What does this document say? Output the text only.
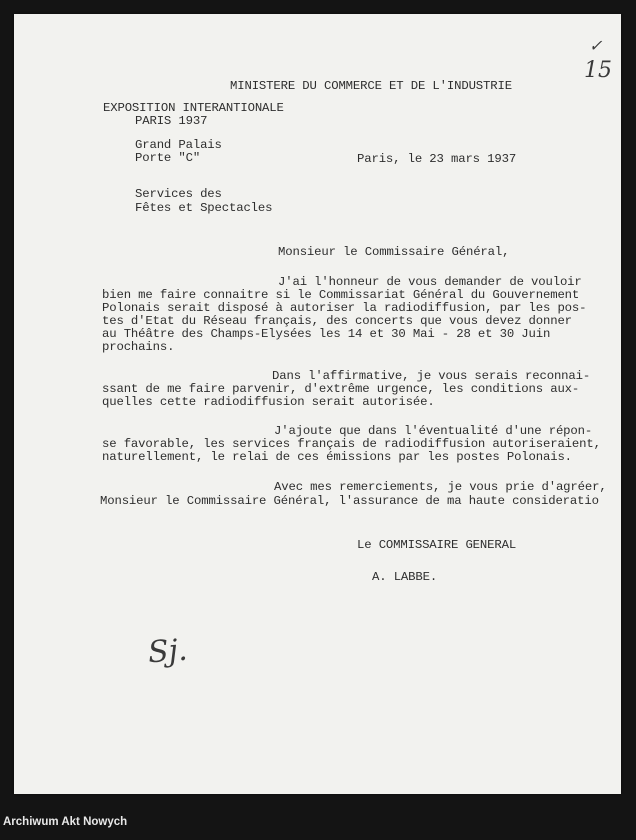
✓
15
MINISTERE DU COMMERCE ET DE L'INDUSTRIE
EXPOSITION INTERANTIONALE
PARIS 1937
Grand Palais
Porte "C"	Paris, le 23 mars 1937
Services des
Fêtes et Spectacles
Monsieur le Commissaire Général,
J'ai l'honneur de vous demander de vouloir
bien me faire connaitre si le Commissariat Général du Gouvernement
Polonais serait disposé à autoriser la radiodiffusion, par les pos-
tes d'Etat du Réseau français, des concerts que vous devez donner
au Théâtre des Champs-Elysées les 14 et 30 Mai - 28 et 30 Juin
prochains.
Dans l'affirmative, je vous serais reconnai-
ssant de me faire parvenir, d'extrême urgence, les conditions aux-
quelles cette radiodiffusion serait autorisée.
J'ajoute que dans l'éventualité d'une répon-
se favorable, les services français de radiodiffusion autoriseraient,
naturellement, le relai de ces émissions par les postes Polonais.
Avec mes remerciements, je vous prie d'agréer,
Monsieur le Commissaire Général, l'assurance de ma haute consideratio
Le COMMISSAIRE GENERAL
A. LABBE.
Sj.
Archiwum Akt Nowych
